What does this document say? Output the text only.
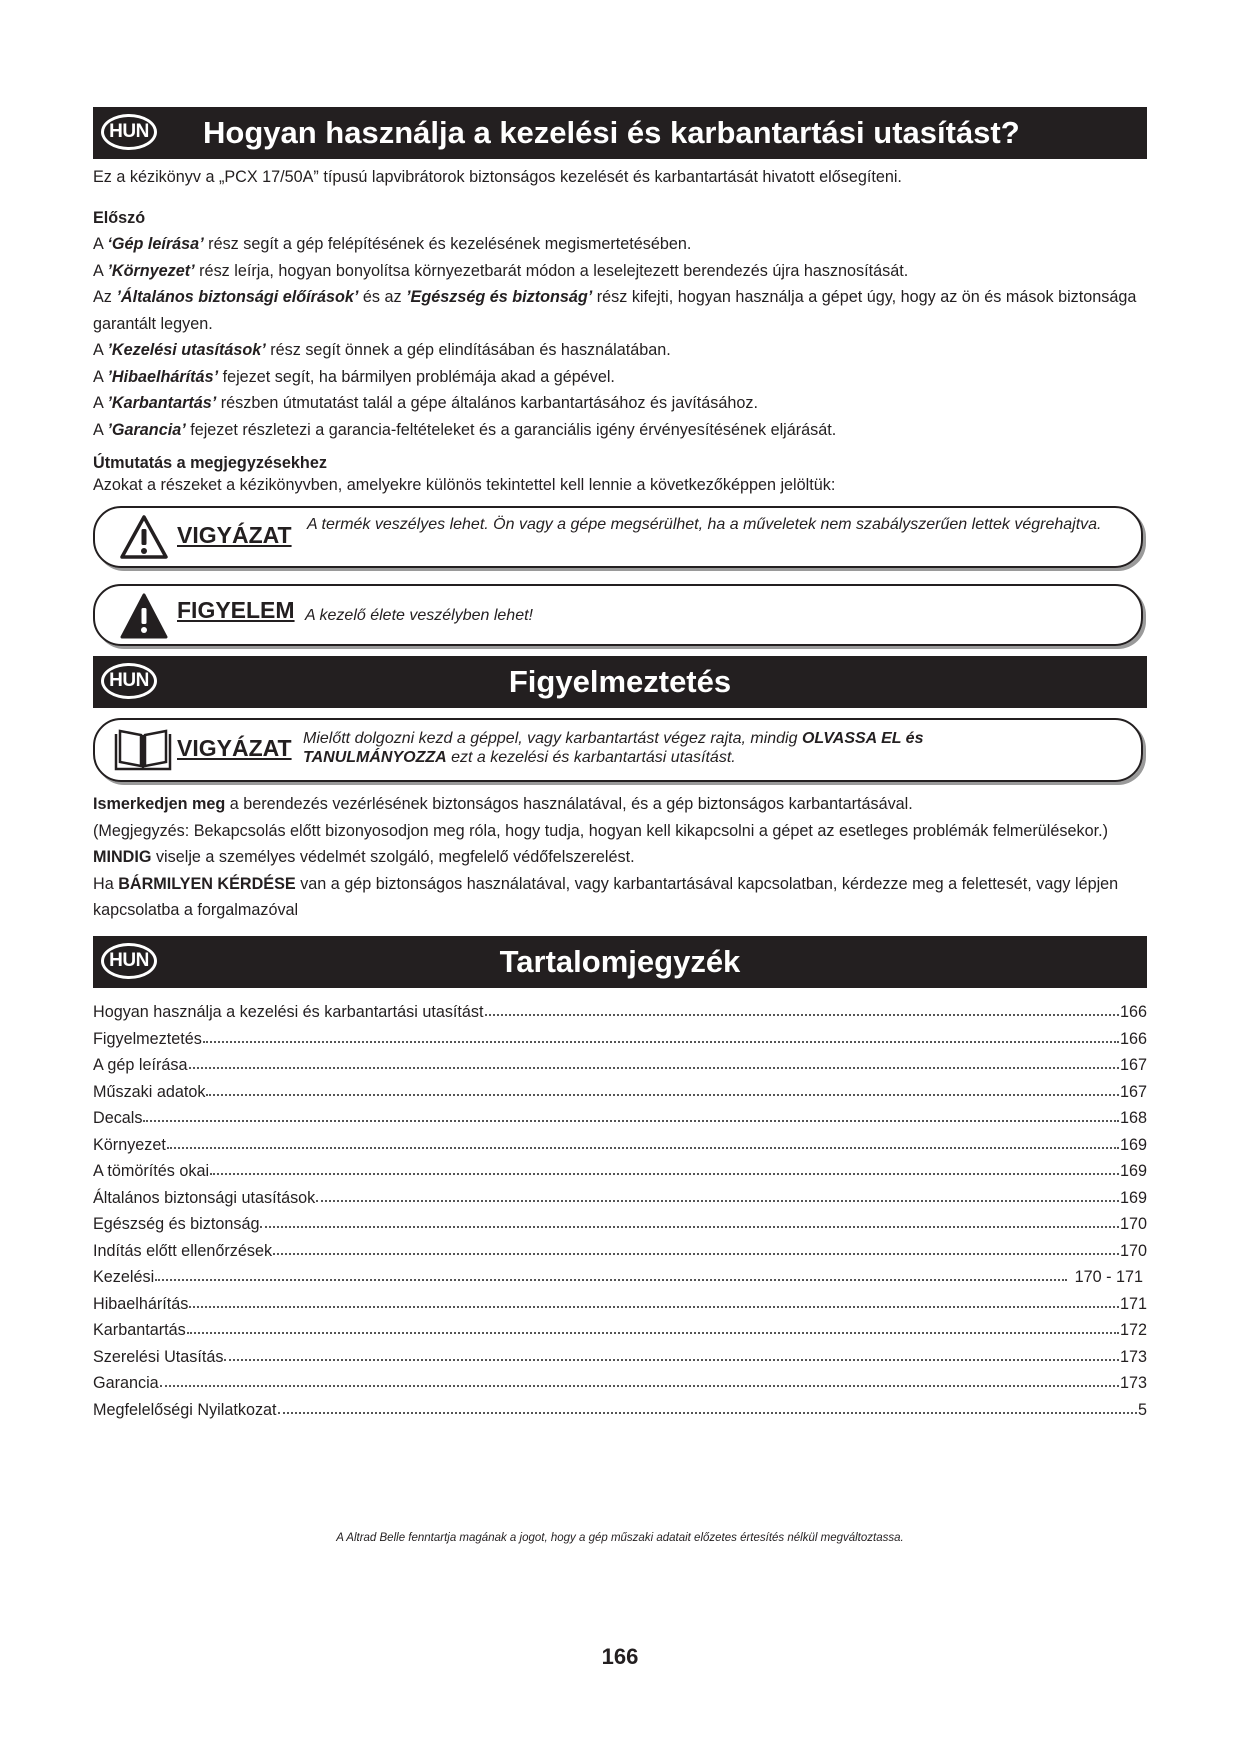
HUN Hogyan használja a kezelési és karbantartási utasítást?

Ez a kézikönyv a „PCX 17/50A” típusú lapvibrátorok biztonságos kezelését és karbantartását hivatott elősegíteni.

Előszó

A ‘Gép leírása’ rész segít a gép felépítésének és kezelésének megismertetésében.

A ’Környezet’ rész leírja, hogyan bonyolítsa környezetbarát módon a leselejtezett berendezés újra hasznosítását.

Az ’Általános biztonsági előírások’ és az ’Egészség és biztonság’ rész kifejti, hogyan használja a gépet úgy, hogy az ön és mások biztonsága garantált legyen.

A ’Kezelési utasítások’ rész segít önnek a gép elindításában és használatában.

A ’Hibaelhárítás’ fejezet segít, ha bármilyen problémája akad a gépével.

A ’Karbantartás’ részben útmutatást talál a gépe általános karbantartásához és javításához.

A ’Garancia’ fejezet részletezi a garancia-feltételeket és a garanciális igény érvényesítésének eljárását.

Útmutatás a megjegyzésekhez

Azokat a részeket a kézikönyvben, amelyekre különös tekintettel kell lennie a következőképpen jelöltük:

VIGYÁZAT A termék veszélyes lehet. Ön vagy a gépe megsérülhet, ha a műveletek nem szabályszerűen lettek végrehajtva.
FIGYELEM A kezelő élete veszélyben lehet!
HUN	Figyelmeztetés
VIGYÁZAT Mielőtt dolgozni kezd a géppel, vagy karbantartást végez rajta, mindig OLVASSA EL és
TANULMÁNYOZZA ezt a kezelési és karbantartási utasítást.

Ismerkedjen meg a berendezés vezérlésének biztonságos használatával, és a gép biztonságos karbantartásával.

(Megjegyzés: Bekapcsolás előtt bizonyosodjon meg róla, hogy tudja, hogyan kell kikapcsolni a gépet az esetleges problémák felmerülésekor.)

MINDIG viselje a személyes védelmét szolgáló, megfelelő védőfelszerelést.

Ha BÁRMILYEN KÉRDÉSE van a gép biztonságos használatával, vagy karbantartásával kapcsolatban, kérdezze meg a felettesét, vagy lépjen kapcsolatba a forgalmazóval

HUN	Tartalomjegyzék
Hogyan használja a kezelési és karbantartási utasítást	166
Figyelmeztetés	166
A gép leírása	167
Műszaki adatok	167
Decals	168
Környezet	169
A tömörítés okai	169
Általános biztonsági utasítások	169
Egészség és biztonság	170
Indítás előtt ellenőrzések	170
Kezelési	170 - 171
Hibaelhárítás	171
Karbantartás	172
Szerelési Utasítás	173
Garancia	173
Megfelelőségi Nyilatkozat	5
A Altrad Belle fenntartja magának a jogot, hogy a gép műszaki adatait előzetes értesítés nélkül megváltoztassa.
166
